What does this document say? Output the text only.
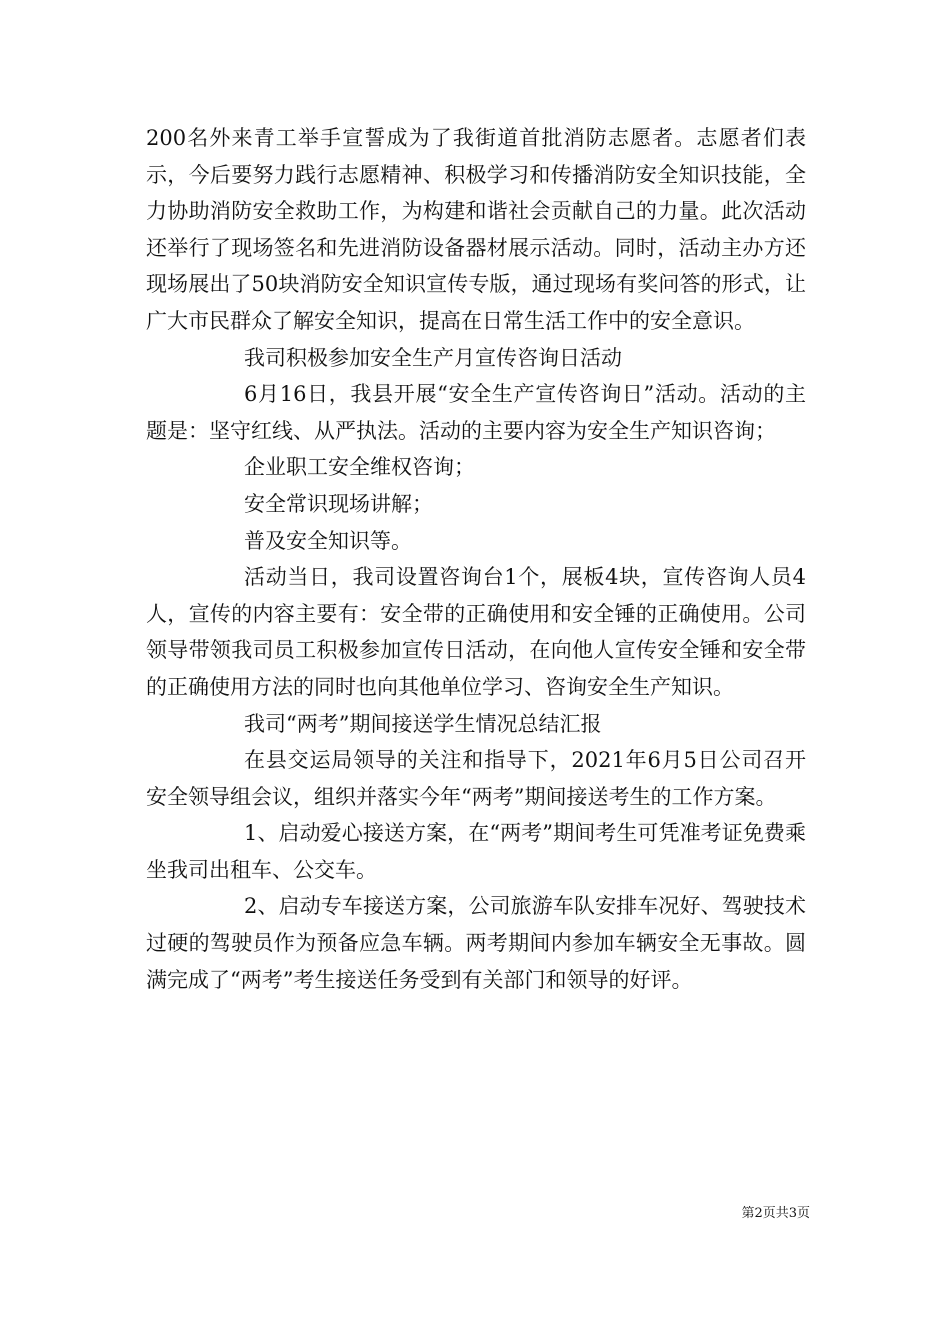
200名外来青工举手宣誓成为了我街道首批消防志愿者。志愿者们表示，今后要努力践行志愿精神、积极学习和传播消防安全知识技能，全力协助消防安全救助工作，为构建和谐社会贡献自己的力量。此次活动还举行了现场签名和先进消防设备器材展示活动。同时，活动主办方还现场展出了50块消防安全知识宣传专版，通过现场有奖问答的形式，让广大市民群众了解安全知识，提高在日常生活工作中的安全意识。

我司积极参加安全生产月宣传咨询日活动

6月16日，我县开展“安全生产宣传咨询日”活动。活动的主题是：坚守红线、从严执法。活动的主要内容为安全生产知识咨询；

企业职工安全维权咨询；

安全常识现场讲解；

普及安全知识等。

活动当日，我司设置咨询台1个，展板4块，宣传咨询人员4人，宣传的内容主要有：安全带的正确使用和安全锤的正确使用。公司领导带领我司员工积极参加宣传日活动，在向他人宣传安全锤和安全带的正确使用方法的同时也向其他单位学习、咨询安全生产知识。

我司“两考”期间接送学生情况总结汇报

在县交运局领导的关注和指导下，2021年6月5日公司召开安全领导组会议，组织并落实今年“两考”期间接送考生的工作方案。

1、启动爱心接送方案，在“两考”期间考生可凭准考证免费乘坐我司出租车、公交车。

2、启动专车接送方案，公司旅游车队安排车况好、驾驶技术过硬的驾驶员作为预备应急车辆。两考期间内参加车辆安全无事故。圆满完成了“两考”考生接送任务受到有关部门和领导的好评。

第2页共3页
